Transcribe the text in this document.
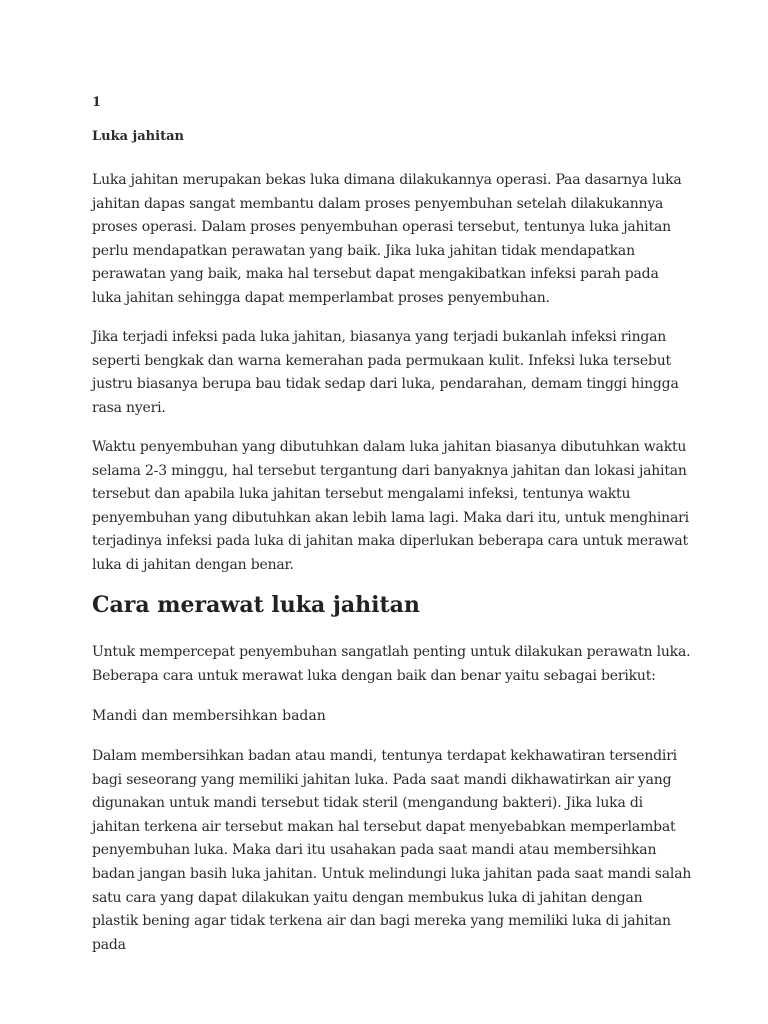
1
Luka jahitan

Luka jahitan merupakan bekas luka dimana dilakukannya operasi. Paa dasarnya luka jahitan dapas sangat membantu dalam proses penyembuhan setelah dilakukannya proses operasi. Dalam proses penyembuhan operasi tersebut, tentunya luka jahitan perlu mendapatkan perawatan yang baik. Jika luka jahitan tidak mendapatkan perawatan yang baik, maka hal tersebut dapat mengakibatkan infeksi parah pada luka jahitan sehingga dapat memperlambat proses penyembuhan.

Jika terjadi infeksi pada luka jahitan, biasanya yang terjadi bukanlah infeksi ringan seperti bengkak dan warna kemerahan pada permukaan kulit. Infeksi luka tersebut justru biasanya berupa bau tidak sedap dari luka, pendarahan, demam tinggi hingga rasa nyeri.

Waktu penyembuhan yang dibutuhkan dalam luka jahitan biasanya dibutuhkan waktu selama 2-3 minggu, hal tersebut tergantung dari banyaknya jahitan dan lokasi jahitan tersebut dan apabila luka jahitan tersebut mengalami infeksi, tentunya waktu penyembuhan yang dibutuhkan akan lebih lama lagi. Maka dari itu, untuk menghinari terjadinya infeksi pada luka di jahitan maka diperlukan beberapa cara untuk merawat luka di jahitan dengan benar.

Cara merawat luka jahitan

Untuk mempercepat penyembuhan sangatlah penting untuk dilakukan perawatn luka. Beberapa cara untuk merawat luka dengan baik dan benar yaitu sebagai berikut:

Mandi dan membersihkan badan

Dalam membersihkan badan atau mandi, tentunya terdapat kekhawatiran tersendiri bagi seseorang yang memiliki jahitan luka. Pada saat mandi dikhawatirkan air yang digunakan untuk mandi tersebut tidak steril (mengandung bakteri). Jika luka di jahitan terkena air tersebut makan hal tersebut dapat menyebabkan memperlambat penyembuhan luka. Maka dari itu usahakan pada saat mandi atau membersihkan badan jangan basih luka jahitan. Untuk melindungi luka jahitan pada saat mandi salah satu cara yang dapat dilakukan yaitu dengan membukus luka di jahitan dengan plastik bening agar tidak terkena air dan bagi mereka yang memiliki luka di jahitan pada
